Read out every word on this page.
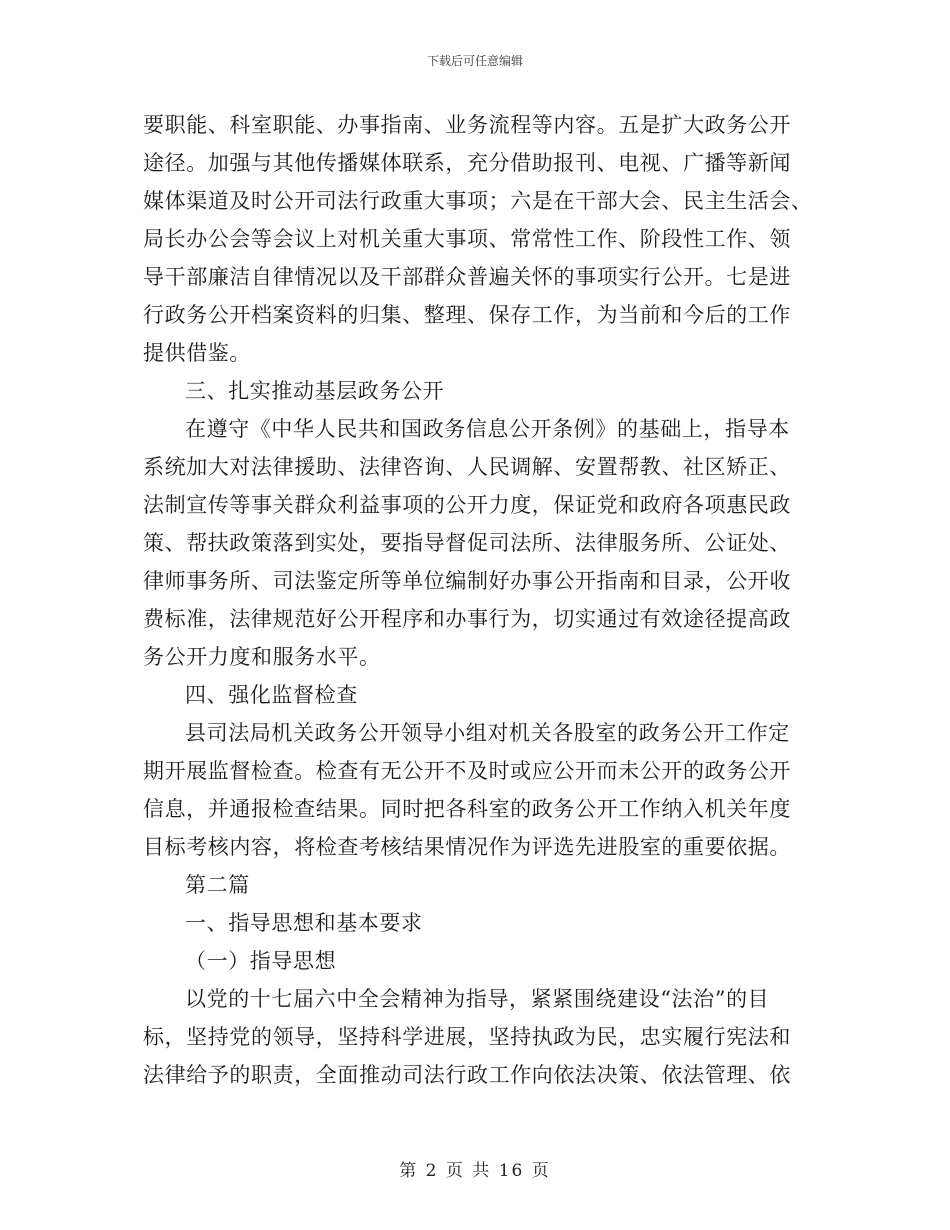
下载后可任意编辑
要职能、科室职能、办事指南、业务流程等内容。五是扩大政务公开
途径。加强与其他传播媒体联系，充分借助报刊、电视、广播等新闻
媒体渠道及时公开司法行政重大事项；六是在干部大会、民主生活会、
局长办公会等会议上对机关重大事项、常常性工作、阶段性工作、领
导干部廉洁自律情况以及干部群众普遍关怀的事项实行公开。七是进
行政务公开档案资料的归集、整理、保存工作，为当前和今后的工作
提供借鉴。
三、扎实推动基层政务公开
在遵守《中华人民共和国政务信息公开条例》的基础上，指导本
系统加大对法律援助、法律咨询、人民调解、安置帮教、社区矫正、
法制宣传等事关群众利益事项的公开力度，保证党和政府各项惠民政
策、帮扶政策落到实处，要指导督促司法所、法律服务所、公证处、
律师事务所、司法鉴定所等单位编制好办事公开指南和目录，公开收
费标准，法律规范好公开程序和办事行为，切实通过有效途径提高政
务公开力度和服务水平。
四、强化监督检查
县司法局机关政务公开领导小组对机关各股室的政务公开工作定
期开展监督检查。检查有无公开不及时或应公开而未公开的政务公开
信息，并通报检查结果。同时把各科室的政务公开工作纳入机关年度
目标考核内容，将检查考核结果情况作为评选先进股室的重要依据。
第二篇
一、指导思想和基本要求
（一）指导思想
以党的十七届六中全会精神为指导，紧紧围绕建设“法治”的目
标，坚持党的领导，坚持科学进展，坚持执政为民，忠实履行宪法和
法律给予的职责，全面推动司法行政工作向依法决策、依法管理、依
第 2 页 共 16 页
